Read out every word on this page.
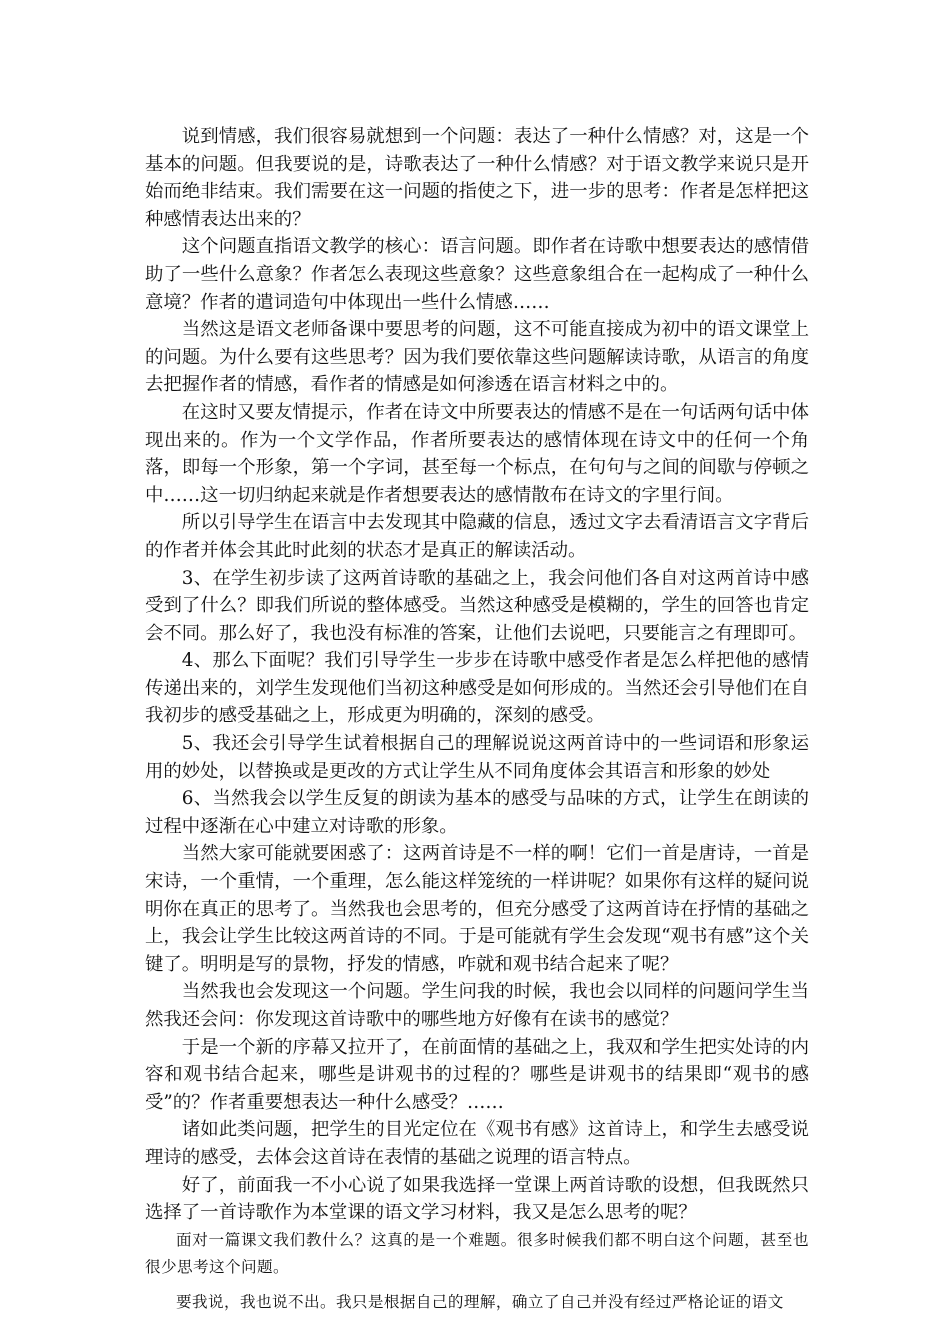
说到情感，我们很容易就想到一个问题：表达了一种什么情感？对，这是一个基本的问题。但我要说的是，诗歌表达了一种什么情感？对于语文教学来说只是开始而绝非结束。我们需要在这一问题的指使之下，进一步的思考：作者是怎样把这种感情表达出来的？

这个问题直指语文教学的核心：语言问题。即作者在诗歌中想要表达的感情借助了一些什么意象？作者怎么表现这些意象？这些意象组合在一起构成了一种什么意境？作者的遣词造句中体现出一些什么情感……

当然这是语文老师备课中要思考的问题，这不可能直接成为初中的语文课堂上的问题。为什么要有这些思考？因为我们要依靠这些问题解读诗歌，从语言的角度去把握作者的情感，看作者的情感是如何渗透在语言材料之中的。

在这时又要友情提示，作者在诗文中所要表达的情感不是在一句话两句话中体现出来的。作为一个文学作品，作者所要表达的感情体现在诗文中的任何一个角落，即每一个形象，第一个字词，甚至每一个标点，在句句与之间的间歇与停顿之中……这一切归纳起来就是作者想要表达的感情散布在诗文的字里行间。

所以引导学生在语言中去发现其中隐藏的信息，透过文字去看清语言文字背后的作者并体会其此时此刻的状态才是真正的解读活动。

3、在学生初步读了这两首诗歌的基础之上，我会问他们各自对这两首诗中感受到了什么？即我们所说的整体感受。当然这种感受是模糊的，学生的回答也肯定会不同。那么好了，我也没有标准的答案，让他们去说吧，只要能言之有理即可。

4、那么下面呢？我们引导学生一步步在诗歌中感受作者是怎么样把他的感情传递出来的，刘学生发现他们当初这种感受是如何形成的。当然还会引导他们在自我初步的感受基础之上，形成更为明确的，深刻的感受。

5、我还会引导学生试着根据自己的理解说说这两首诗中的一些词语和形象运用的妙处，以替换或是更改的方式让学生从不同角度体会其语言和形象的妙处

6、当然我会以学生反复的朗读为基本的感受与品味的方式，让学生在朗读的过程中逐渐在心中建立对诗歌的形象。

当然大家可能就要困惑了：这两首诗是不一样的啊！它们一首是唐诗，一首是宋诗，一个重情，一个重理，怎么能这样笼统的一样讲呢？如果你有这样的疑问说明你在真正的思考了。当然我也会思考的，但充分感受了这两首诗在抒情的基础之上，我会让学生比较这两首诗的不同。于是可能就有学生会发现“观书有感”这个关键了。明明是写的景物，抒发的情感，咋就和观书结合起来了呢？

当然我也会发现这一个问题。学生问我的时候，我也会以同样的问题问学生当然我还会问：你发现这首诗歌中的哪些地方好像有在读书的感觉？

于是一个新的序幕又拉开了，在前面情的基础之上，我双和学生把实处诗的内容和观书结合起来，哪些是讲观书的过程的？哪些是讲观书的结果即“观书的感受”的？作者重要想表达一种什么感受？……

诸如此类问题，把学生的目光定位在《观书有感》这首诗上，和学生去感受说理诗的感受，去体会这首诗在表情的基础之说理的语言特点。

好了，前面我一不小心说了如果我选择一堂课上两首诗歌的设想，但我既然只选择了一首诗歌作为本堂课的语文学习材料，我又是怎么思考的呢？

面对一篇课文我们教什么？这真的是一个难题。很多时候我们都不明白这个问题，甚至也很少思考这个问题。

要我说，我也说不出。我只是根据自己的理解，确立了自己并没有经过严格论证的语文
